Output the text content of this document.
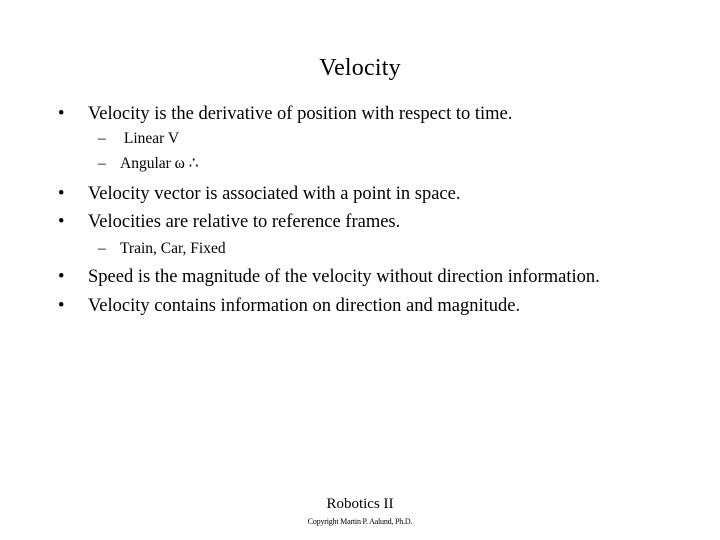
Velocity
• Velocity is the derivative of position with respect to time.
– Linear V
– Angular ω ∴
• Velocity vector is associated with a point in space.
• Velocities are relative to reference frames.
– Train, Car, Fixed
• Speed is the magnitude of the velocity without direction information.
• Velocity contains information on direction and magnitude.
Robotics II
Copyright Martin P. Aalund, Ph.D.
